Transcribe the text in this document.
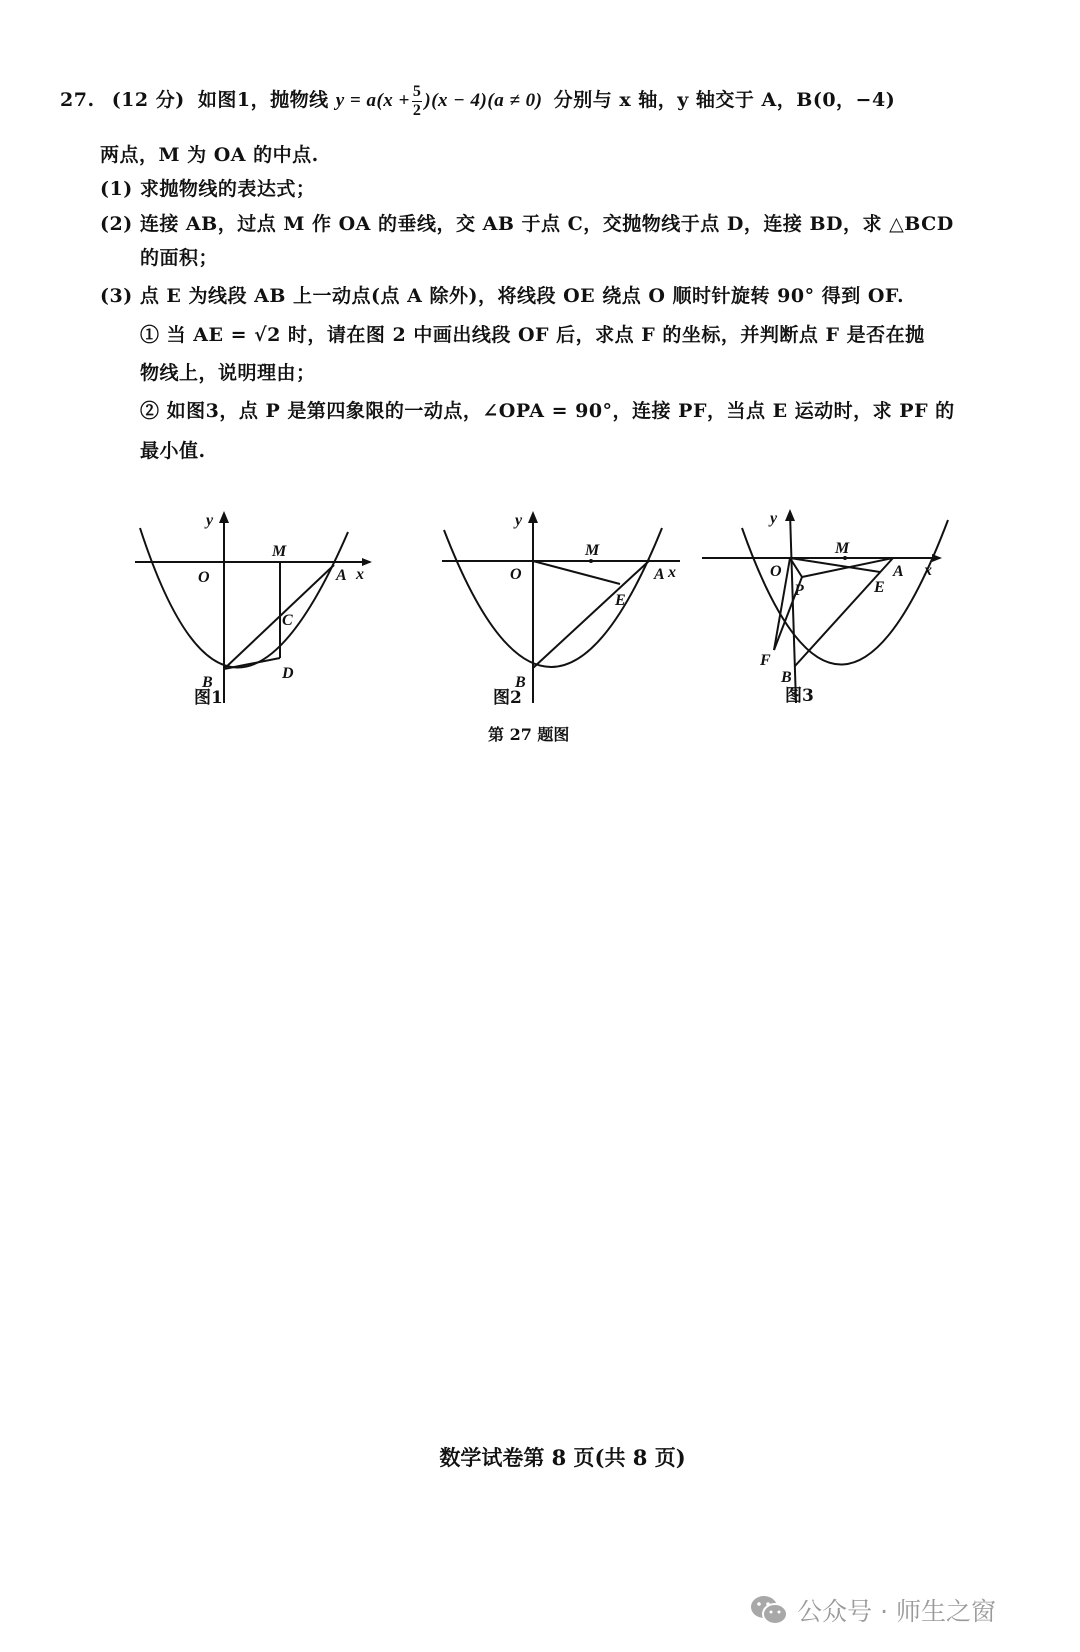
27. (12 分) 如图1，抛物线 $y = a(x + \frac{5}{2} )(x - 4)(a \ne 0)$ 分别与 x 轴，y 轴交于 A，B(0，−4)
两点，M 为 OA 的中点.
(1) 求抛物线的表达式；
(2) 连接 AB，过点 M 作 OA 的垂线，交 AB 于点 C，交抛物线于点 D，连接 BD，求 △BCD
的面积；
(3) 点 E 为线段 AB 上一动点(点 A 除外)，将线段 OE 绕点 O 顺时针旋转 90° 得到 OF.
① 当 AE = √2 时，请在图 2 中画出线段 OF 后，求点 F 的坐标，并判断点 F 是否在抛
物线上，说明理由；
② 如图3，点 P 是第四象限的一动点，∠OPA = 90°，连接 PF，当点 E 运动时，求 PF 的
最小值.
y
x
O
M
A
B
C
D
图1
y
x
O
M
A
B
E
图2
y
x
O
M
A
B
E
P
F
图3
第 27 题图
数学试卷第 8 页(共 8 页)
公众号 · 师生之窗
